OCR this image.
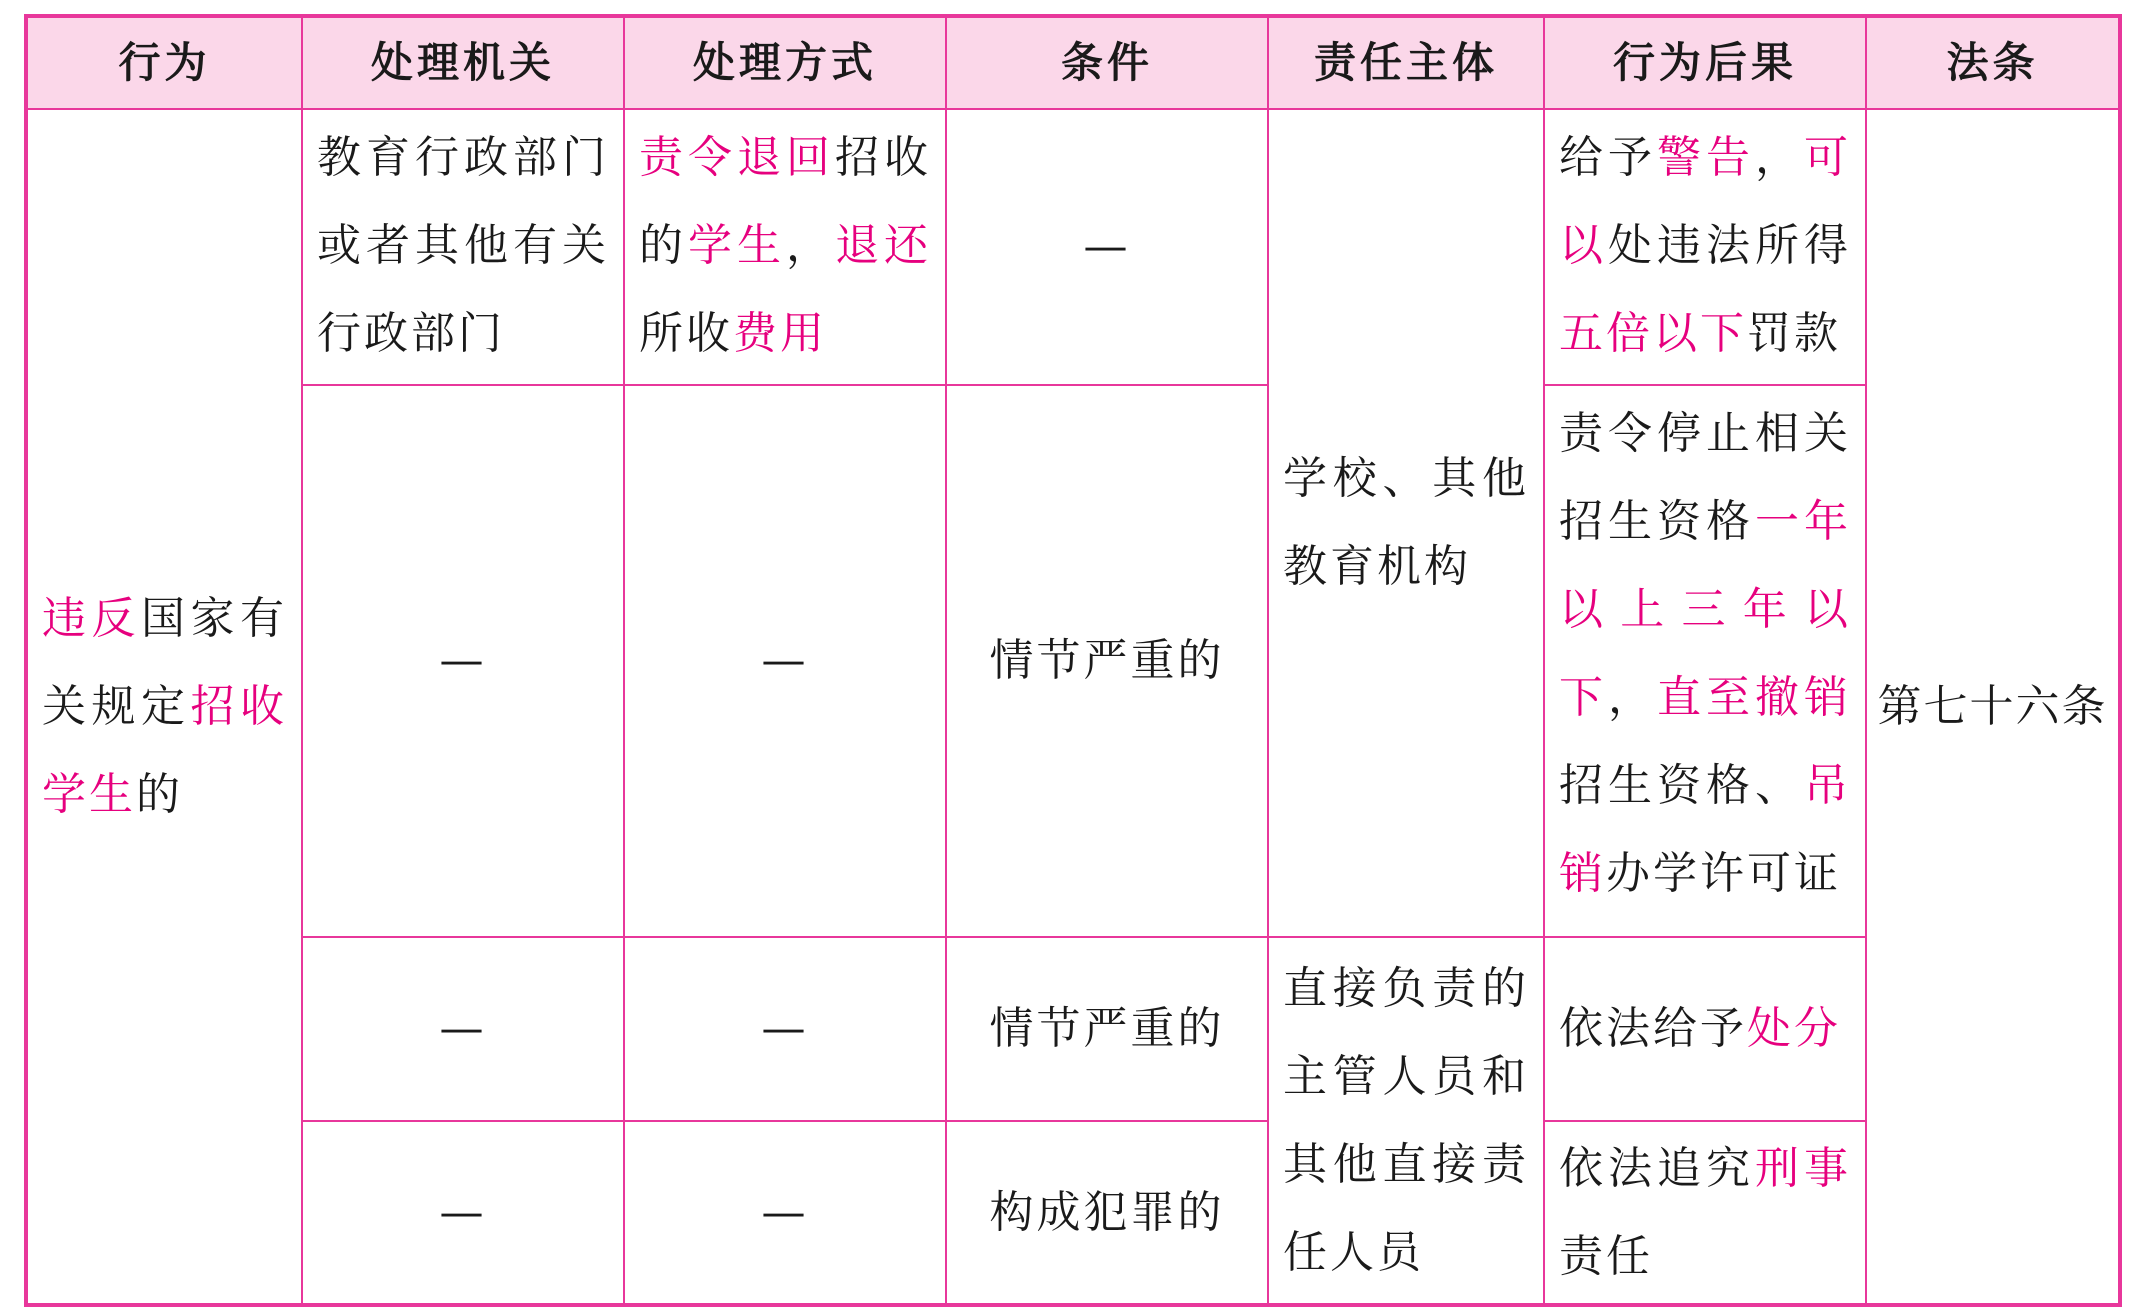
行为	处理机关	处理方式	条件	责任主体	行为后果	法条
违反国家有关规定招收学生的	教育行政部门或者其他有关行政部门	责令退回招收的学生，退还所收费用	—	学校、其他教育机构	给予警告，可以处违法所得五倍以下罚款	第七十六条
	—	—	情节严重的		责令停止相关招生资格一年以上三年以下，直至撤销招生资格、吊销办学许可证	
	—	—	情节严重的	直接负责的主管人员和其他直接责任人员	依法给予处分	
	—	—	构成犯罪的		依法追究刑事责任	
